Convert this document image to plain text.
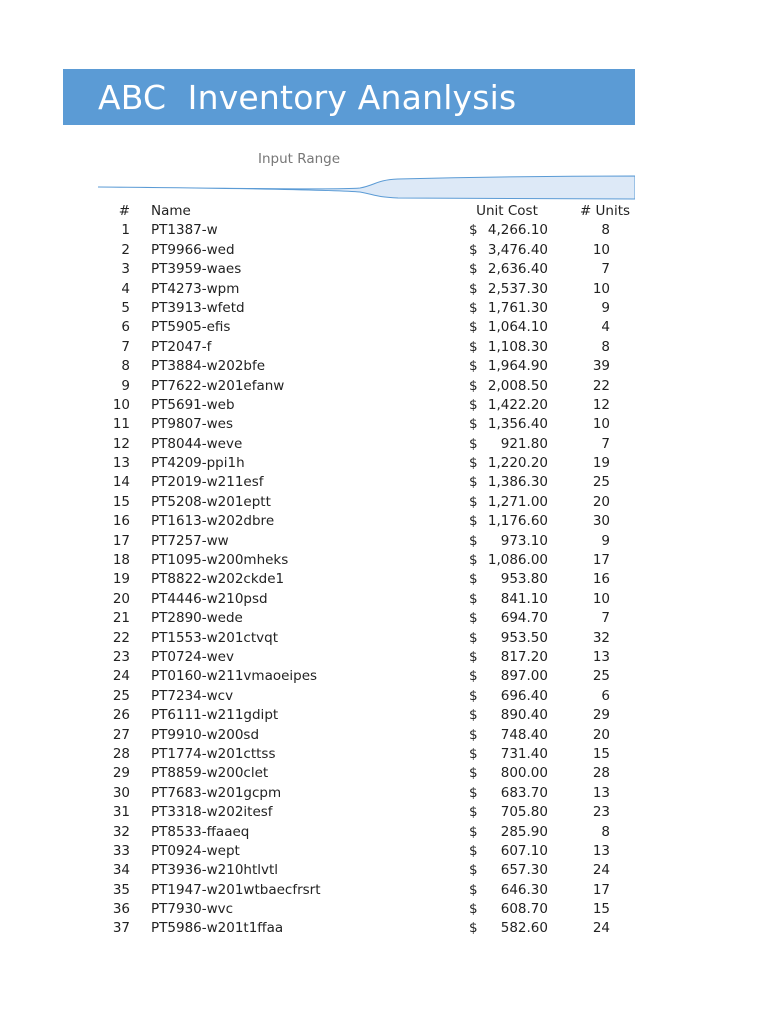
ABC  Inventory Ananlysis
Input Range
# Name	Unit Cost	# Units
1 PT1387-w	$ 4,266.10	8
2 PT9966-wed	$ 3,476.40	10
3 PT3959-waes	$ 2,636.40	7
4 PT4273-wpm	$ 2,537.30	10
5 PT3913-wfetd	$ 1,761.30	9
6 PT5905-efis	$ 1,064.10	4
7 PT2047-f	$ 1,108.30	8
8 PT3884-w202bfe	$ 1,964.90	39
9 PT7622-w201efanw	$ 2,008.50	22
10 PT5691-web	$ 1,422.20	12
11 PT9807-wes	$ 1,356.40	10
12 PT8044-weve	$	921.80	7
13 PT4209-ppi1h	$ 1,220.20	19
14 PT2019-w211esf	$ 1,386.30	25
15 PT5208-w201eptt	$ 1,271.00	20
16 PT1613-w202dbre	$ 1,176.60	30
17 PT7257-ww	$	973.10	9
18 PT1095-w200mheks	$ 1,086.00	17
19 PT8822-w202ckde1	$	953.80	16
20 PT4446-w210psd	$	841.10	10
21 PT2890-wede	$	694.70	7
22 PT1553-w201ctvqt	$	953.50	32
23 PT0724-wev	$	817.20	13
24 PT0160-w211vmaoeipes	$	897.00	25
25 PT7234-wcv	$	696.40	6
26 PT6111-w211gdipt	$	890.40	29
27 PT9910-w200sd	$	748.40	20
28 PT1774-w201cttss	$	731.40	15
29 PT8859-w200clet	$	800.00	28
30 PT7683-w201gcpm	$	683.70	13
31 PT3318-w202itesf	$	705.80	23
32 PT8533-ffaaeq	$	285.90	8
33 PT0924-wept	$	607.10	13
34 PT3936-w210htlvtl	$	657.30	24
35 PT1947-w201wtbaecfrsrt	$	646.30	17
36 PT7930-wvc	$	608.70	15
37 PT5986-w201t1ffaa	$	582.60	24
